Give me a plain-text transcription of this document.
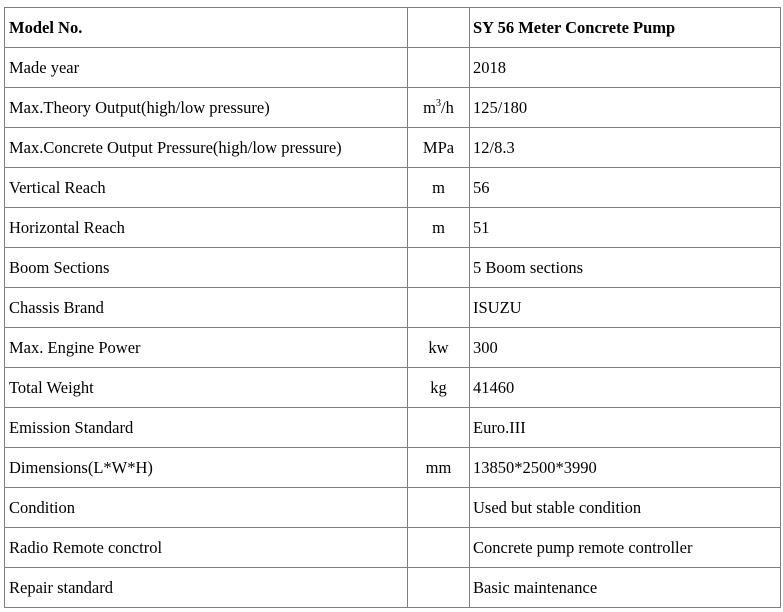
Model No.		SY 56 Meter Concrete Pump
Made year		2018
Max.Theory Output(high/low pressure)	$m^3/h$	125/180
Max.Concrete Output Pressure(high/low pressure)	MPa	12/8.3
Vertical Reach	m	56
Horizontal Reach	m	51
Boom Sections		5 Boom sections
Chassis Brand		ISUZU
Max. Engine Power	kw	300
Total Weight	kg	41460
Emission Standard		Euro.III
Dimensions(L*W*H)	mm	13850*2500*3990
Condition		Used but stable condition
Radio Remote conctrol		Concrete pump remote controller
Repair standard		Basic maintenance
